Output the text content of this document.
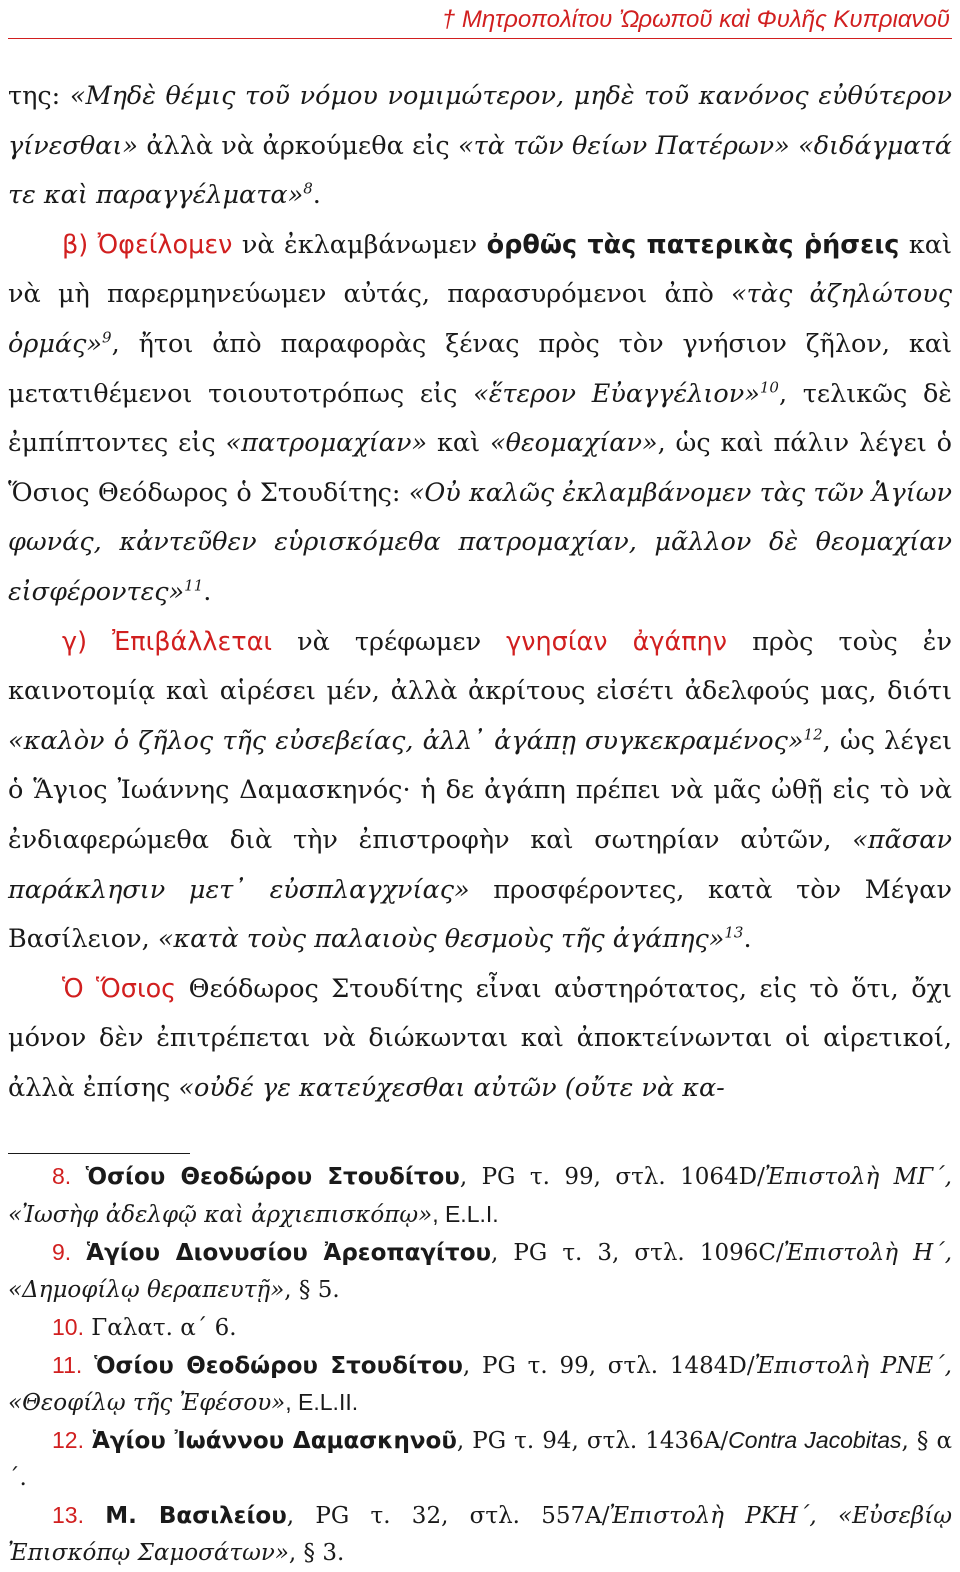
† Μητροπολίτου Ὠρωποῦ καὶ Φυλῆς Κυπριανοῦ

της: «Μηδὲ θέμις τοῦ νόμου νομιμώτερον, μηδὲ τοῦ κανόνος εὐθύτερον γίνεσθαι» ἀλλὰ νὰ ἀρκούμεθα εἰς «τὰ τῶν θείων Πατέρων» «διδάγματά τε καὶ παραγγέλματα»$^8$.

β) Ὀφείλομεν νὰ ἐκλαμβάνωμεν ὀρθῶς τὰς πατερικὰς ῥήσεις καὶ νὰ μὴ παρερμηνεύωμεν αὐτάς, παρασυρόμενοι ἀπὸ «τὰς ἀζηλώτους ὁρμάς»$^9$, ἤτοι ἀπὸ παραφορὰς ξένας πρὸς τὸν γνήσιον ζῆλον, καὶ μετατιθέμενοι τοιουτοτρόπως εἰς «ἕτερον Εὐαγγέλιον»$^{10}$, τελικῶς δὲ ἐμπίπτοντες εἰς «πατρομαχίαν» καὶ «θεομαχίαν», ὡς καὶ πάλιν λέγει ὁ Ὅσιος Θεόδωρος ὁ Στουδίτης: «Οὐ καλῶς ἐκλαμβάνομεν τὰς τῶν Ἁγίων φωνάς, κἀντεῦθεν εὑρισκόμεθα πατρομαχίαν, μᾶλλον δὲ θεομαχίαν εἰσφέροντες»$^{11}$.

γ) Ἐπιβάλλεται νὰ τρέφωμεν γνησίαν ἀγάπην πρὸς τοὺς ἐν καινοτομίᾳ καὶ αἱρέσει μέν, ἀλλὰ ἀκρίτους εἰσέτι ἀδελφούς μας, διότι «καλὸν ὁ ζῆλος τῆς εὐσεβείας, ἀλλ᾽ ἀγάπῃ συγκεκραμένος»$^{12}$, ὡς λέγει ὁ Ἅγιος Ἰωάννης Δαμασκηνός· ἡ δε ἀγάπη πρέπει νὰ μᾶς ὠθῇ εἰς τὸ νὰ ἐνδιαφερώμεθα διὰ τὴν ἐπιστροφὴν καὶ σωτηρίαν αὐτῶν, «πᾶσαν παράκλησιν μετ᾽ εὐσπλαγχνίας» προσφέροντες, κατὰ τὸν Μέγαν Βασίλειον, «κατὰ τοὺς παλαιοὺς θεσμοὺς τῆς ἀγάπης»$^{13}$.

Ὁ Ὅσιος Θεόδωρος Στουδίτης εἶναι αὐστηρότατος, εἰς τὸ ὅτι, ὄχι μόνον δὲν ἐπιτρέπεται νὰ διώκωνται καὶ ἀποκτείνωνται οἱ αἱρετικοί, ἀλλὰ ἐπίσης «οὐδέ γε κατεύχεσθαι αὐτῶν (οὔτε νὰ κα-

8. Ὁσίου Θεοδώρου Στουδίτου, PG τ. 99, στλ. 1064D/Ἐπιστολὴ ΜΓ´, «Ἰωσὴφ ἀδελφῷ καὶ ἀρχιεπισκόπῳ», E.L.I.

9. Ἁγίου Διονυσίου Ἀρεοπαγίτου, PG τ. 3, στλ. 1096C/Ἐπιστολὴ Η´, «Δημοφίλῳ θεραπευτῇ», § 5.

10. Γαλατ. α´ 6.

11. Ὁσίου Θεοδώρου Στουδίτου, PG τ. 99, στλ. 1484D/Ἐπιστολὴ ΡΝΕ´, «Θεοφίλῳ τῆς Ἐφέσου», E.L.II.

12. Ἁγίου Ἰωάννου Δαμασκηνοῦ, PG τ. 94, στλ. 1436A/Contra Jacobitas, § α´.

13. Μ. Βασιλείου, PG τ. 32, στλ. 557A/Ἐπιστολὴ ΡΚΗ´, «Εὐσεβίῳ Ἐπισκόπῳ Σαμοσάτων», § 3.
